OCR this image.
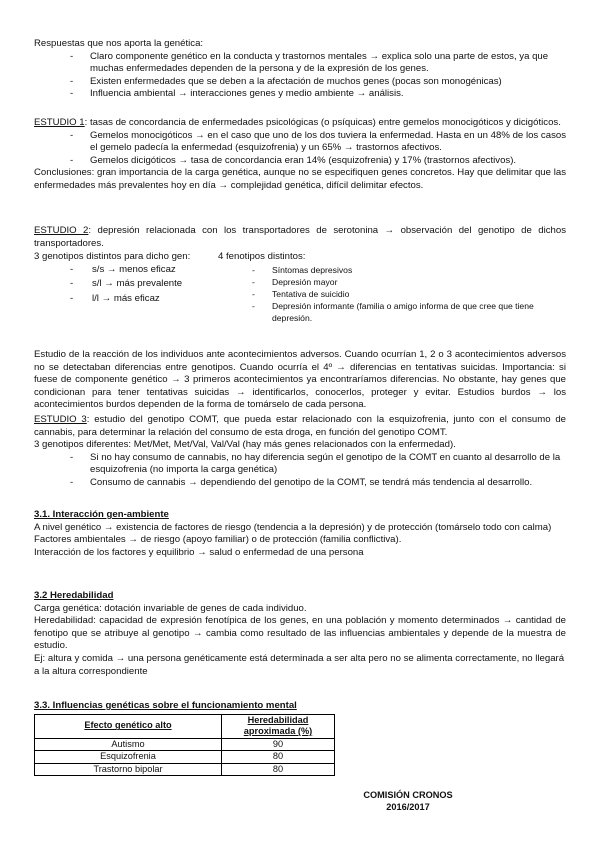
Respuestas que nos aporta la genética:

- Claro componente genético en la conducta y trastornos mentales → explica solo una parte de estos, ya que muchas enfermedades dependen de la persona y de la expresión de los genes.
- Existen enfermedades que se deben a la afectación de muchos genes (pocas son monogénicas)
- Influencia ambiental → interacciones genes y medio ambiente → análisis.

ESTUDIO 1: tasas de concordancia de enfermedades psicológicas (o psíquicas) entre gemelos monocigóticos y dicigóticos.

- Gemelos monocigóticos → en el caso que uno de los dos tuviera la enfermedad. Hasta en un 48% de los casos el gemelo padecía la enfermedad (esquizofrenia) y un 65% → trastornos afectivos.
- Gemelos dicigóticos → tasa de concordancia eran 14% (esquizofrenia) y 17% (trastornos afectivos).

Conclusiones: gran importancia de la carga genética, aunque no se especifiquen genes concretos. Hay que delimitar que las enfermedades más prevalentes hoy en día → complejidad genética, difícil delimitar efectos.

ESTUDIO 2: depresión relacionada con los transportadores de serotonina → observación del genotipo de dichos transportadores.

3 genotipos distintos para dicho gen:

- s/s → menos eficaz
- s/l → más prevalente
- l/l → más eficaz

4 fenotipos distintos:

- Síntomas depresivos
- Depresión mayor
- Tentativa de suicidio
- Depresión informante (familia o amigo informa de que cree que tiene depresión.

Estudio de la reacción de los individuos ante acontecimientos adversos. Cuando ocurrían 1, 2 o 3 acontecimientos adversos no se detectaban diferencias entre genotipos. Cuando ocurría el 4º → diferencias en tentativas suicidas. Importancia: si fuese de componente genético → 3 primeros acontecimientos ya encontraríamos diferencias. No obstante, hay genes que condicionan para tener tentativas suicidas → identificarlos, conocerlos, proteger y evitar. Estudios burdos → los acontecimientos burdos dependen de la forma de tomárselo de cada persona.

ESTUDIO 3: estudio del genotipo COMT, que pueda estar relacionado con la esquizofrenia, junto con el consumo de cannabis, para determinar la relación del consumo de esta droga, en función del genotipo COMT.

3 genotipos diferentes: Met/Met, Met/Val, Val/Val (hay más genes relacionados con la enfermedad).

- Si no hay consumo de cannabis, no hay diferencia según el genotipo de la COMT en cuanto al desarrollo de la esquizofrenia (no importa la carga genética)
- Consumo de cannabis → dependiendo del genotipo de la COMT, se tendrá más tendencia al desarrollo.

3.1. Interacción gen-ambiente

A nivel genético → existencia de factores de riesgo (tendencia a la depresión) y de protección (tomárselo todo con calma)

Factores ambientales → de riesgo (apoyo familiar) o de protección (familia conflictiva).

Interacción de los factores y equilibrio → salud o enfermedad de una persona

3.2 Heredabilidad

Carga genética: dotación invariable de genes de cada individuo.

Heredabilidad: capacidad de expresión fenotípica de los genes, en una población y momento determinados → cantidad de fenotipo que se atribuye al genotipo → cambia como resultado de las influencias ambientales y depende de la muestra de estudio.

Ej: altura y comida → una persona genéticamente está determinada a ser alta pero no se alimenta correctamente, no llegará a la altura correspondiente

3.3. Influencias genéticas sobre el funcionamiento mental

Efecto genético alto	Heredabilidad aproximada (%)
Autismo	90
Esquizofrenia	80
Trastorno bipolar	80

COMISIÓN CRONOS

2016/2017
